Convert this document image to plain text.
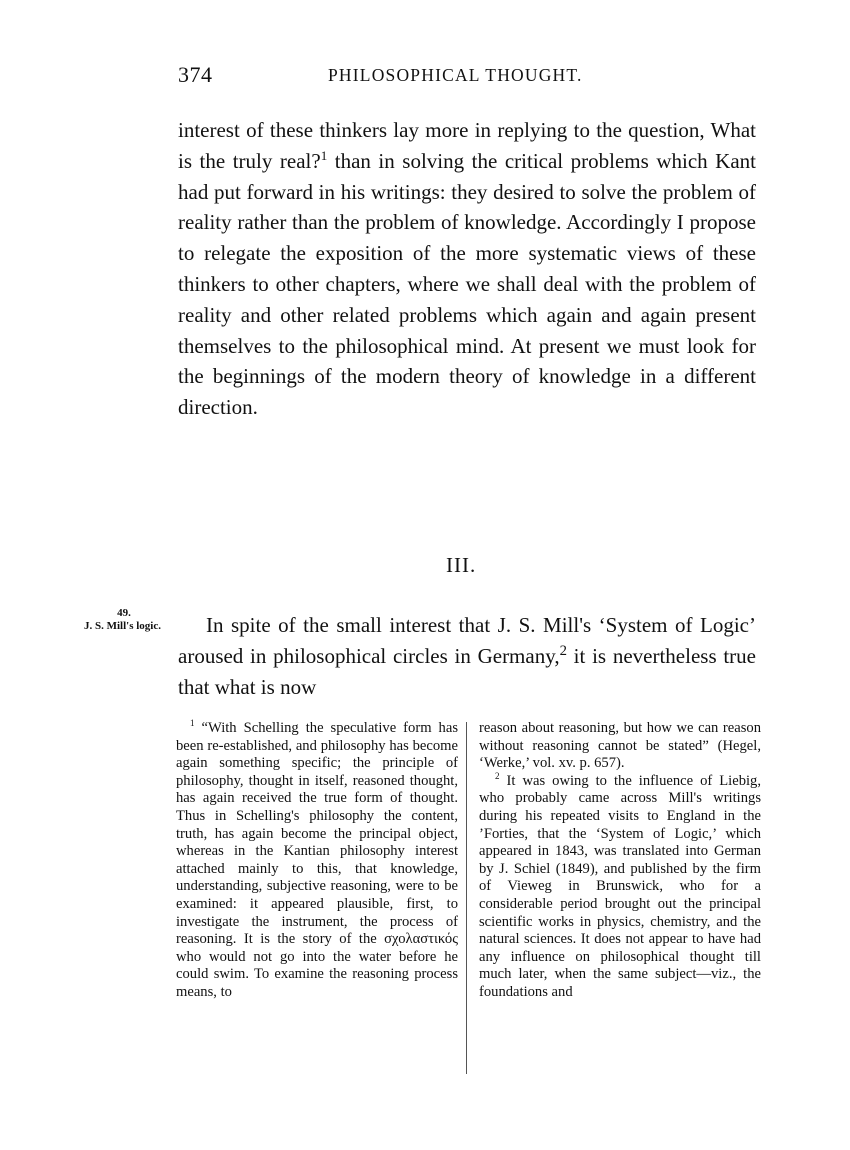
374	PHILOSOPHICAL THOUGHT.

interest of these thinkers lay more in replying to the question, What is the truly real?$^1$ than in solving the critical problems which Kant had put forward in his writings: they desired to solve the problem of reality rather than the problem of knowledge. Accordingly I propose to relegate the exposition of the more systematic views of these thinkers to other chapters, where we shall deal with the problem of reality and other related problems which again and again present themselves to the philosophical mind. At present we must look for the beginnings of the modern theory of knowledge in a different direction.

III.
49.
J. S. Mill's logic.	In spite of the small interest that J. S. Mill's ‘System of Logic’ aroused in philosophical circles in Germany,$^2$ it is nevertheless true that what is now

$^1$ “With Schelling the speculative form has been re-established, and philosophy has become again something specific; the principle of philosophy, thought in itself, reasoned thought, has again received the true form of thought. Thus in Schelling's philosophy the content, truth, has again become the principal object, whereas in the Kantian philosophy interest attached mainly to this, that knowledge, understanding, subjective reasoning, were to be examined: it appeared plausible, first, to investigate the instrument, the process of reasoning. It is the story of the σχολαστικός who would not go into the water before he could swim. To examine the reasoning process means, to
reason about reasoning, but how we can reason without reasoning cannot be stated” (Hegel, ‘Werke,’ vol. xv. p. 657).
$^2$ It was owing to the influence of Liebig, who probably came across Mill's writings during his repeated visits to England in the ’Forties, that the ‘System of Logic,’ which appeared in 1843, was translated into German by J. Schiel (1849), and published by the firm of Vieweg in Brunswick, who for a considerable period brought out the principal scientific works in physics, chemistry, and the natural sciences. It does not appear to have had any influence on philosophical thought till much later, when the same subject—viz., the foundations and
